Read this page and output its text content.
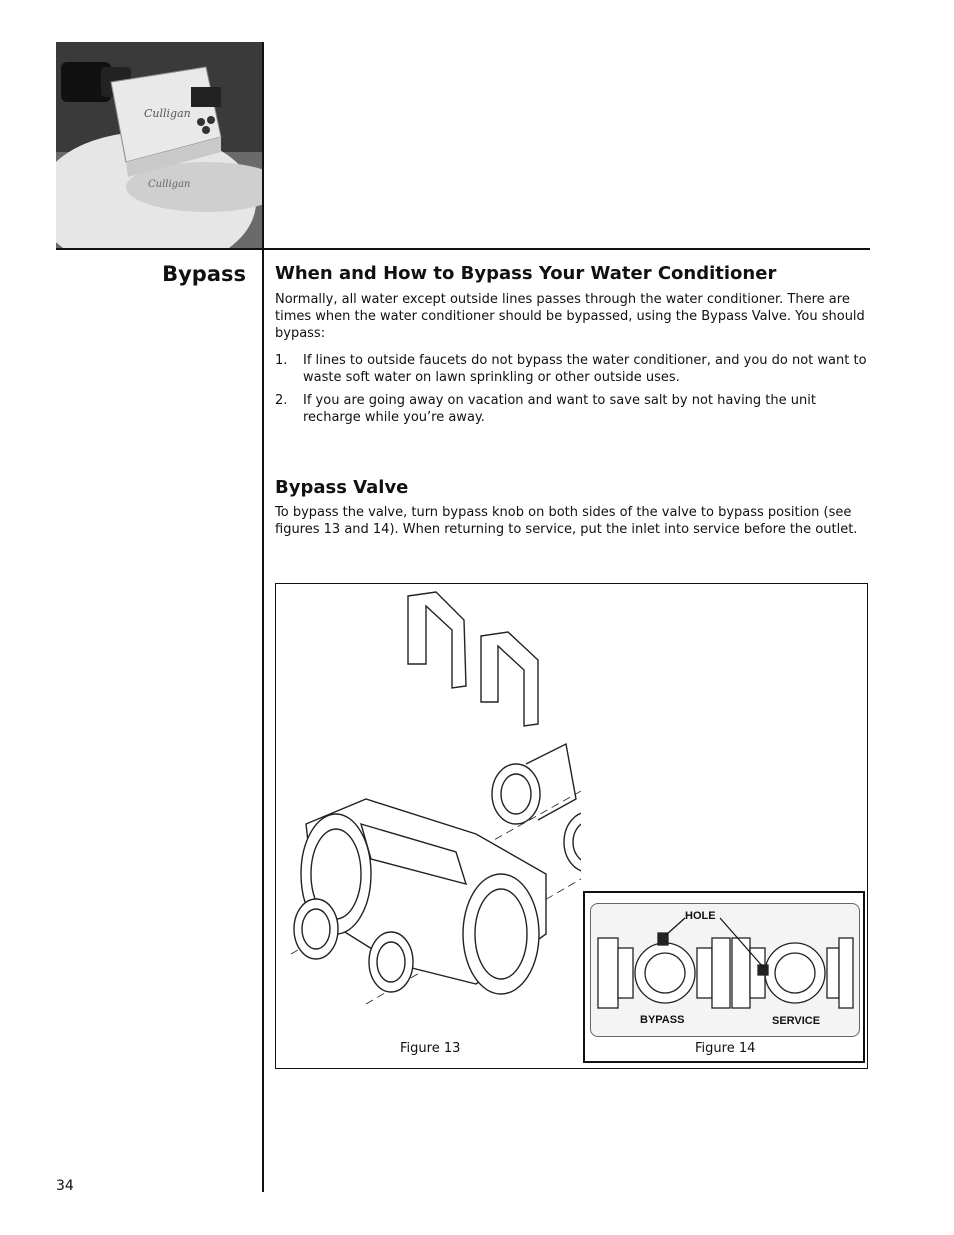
Culligan
Culligan
Bypass When and How to Bypass Your Water Conditioner
Normally, all water except outside lines passes through the water conditioner. There are times when the water conditioner should be bypassed, using the Bypass Valve. You should bypass:
1. If lines to outside faucets do not bypass the water conditioner, and you do not want to waste soft water on lawn sprinkling or other outside uses.
2. If you are going away on vacation and want to save salt by not having the unit recharge while you’re away.
Bypass Valve
To bypass the valve, turn bypass knob on both sides of the valve to bypass position (see figures 13 and 14). When returning to service, put the inlet into service before the outlet.
Figure 13
HOLE
BYPASS	SERVICE
Figure 14
34
